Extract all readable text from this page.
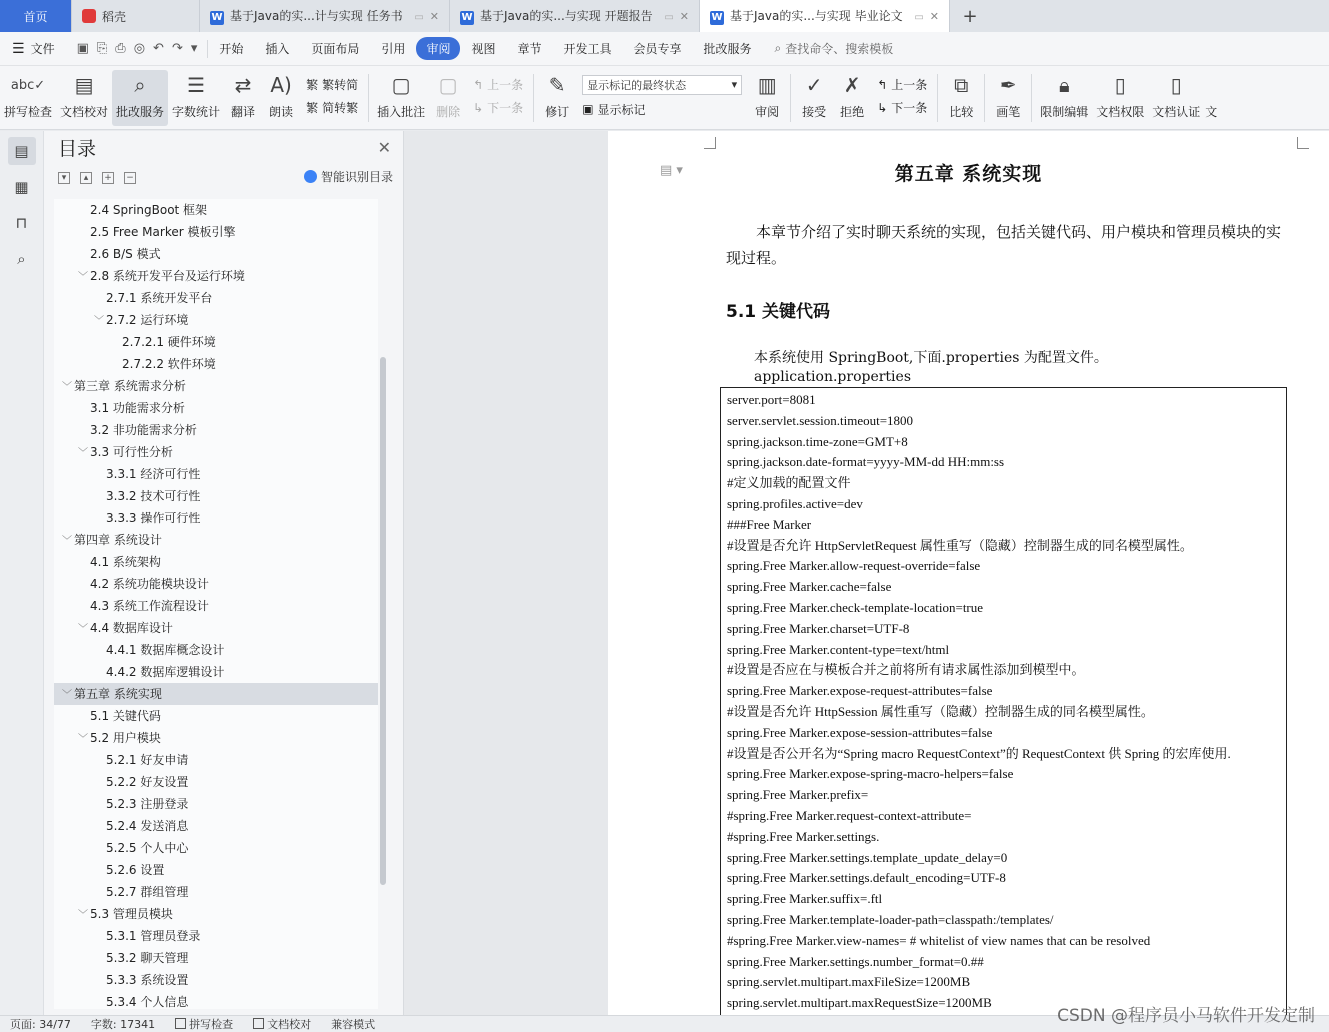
首页	稻壳	W 基于Java的实...计与实现 任务书	▭ ✕ W 基于Java的实...与实现 开题报告	▭ ✕ W 基于Java的实...与实现 毕业论文	▭ ✕	+
☰ 文件 ▣ ⎘ ⎙ ◎ ↶ ↷ ▾	开始	插入	页面布局	引用	审阅	视图	章节	开发工具	会员专享	批改服务	⌕ 查找命令、搜索模板
abc✓
拼写检查
▤
文档校对
⌕
批改服务
☰
字数统计
⇄
翻译
A)
朗读
繁 繁转简
繁 简转繁
▢
插入批注
▢
删除
↰ 上一条
↳ 下一条
✎
修订
显示标记的最终状态	▾
▣ 显示标记
▥
审阅
✓
接受
✗
拒绝
↰ 上一条
↳ 下一条
⧉
比较
✒
画笔
🔒︎
限制编辑
▯
文档权限
▯
文档认证 文
▤
▦
⊓
⌕
目录	✕
▾ ▴ + −	智能识别目录
2.4 SpringBoot 框架
2.5 Free Marker 模板引擎
2.6 B/S 模式
﹀ 2.8 系统开发平台及运行环境
2.7.1 系统开发平台
﹀ 2.7.2 运行环境
2.7.2.1 硬件环境
2.7.2.2 软件环境
﹀ 第三章 系统需求分析
3.1 功能需求分析
3.2 非功能需求分析
﹀ 3.3 可行性分析
3.3.1 经济可行性
3.3.2 技术可行性
3.3.3 操作可行性
﹀ 第四章 系统设计
4.1 系统架构
4.2 系统功能模块设计
4.3 系统工作流程设计
﹀ 4.4 数据库设计
4.4.1 数据库概念设计
4.4.2 数据库逻辑设计
﹀ 第五章 系统实现
5.1 关键代码
﹀ 5.2 用户模块
5.2.1 好友申请
5.2.2 好友设置
5.2.3 注册登录
5.2.4 发送消息
5.2.5 个人中心
5.2.6 设置
5.2.7 群组管理
﹀ 5.3 管理员模块
5.3.1 管理员登录
5.3.2 聊天管理
5.3.3 系统设置
5.3.4 个人信息
▤ ▾	第五章 系统实现
本章节介绍了实时聊天系统的实现，包括关键代码、用户模块和管理员模块的实现过程。
5.1 关键代码
本系统使用 SpringBoot,下面.properties 为配置文件。
application.properties
server.port=8081
server.servlet.session.timeout=1800
spring.jackson.time-zone=GMT+8
spring.jackson.date-format=yyyy-MM-dd HH:mm:ss
#定义加载的配置文件
spring.profiles.active=dev
###Free Marker
#设置是否允许 HttpServletRequest 属性重写（隐藏）控制器生成的同名模型属性。
spring.Free Marker.allow-request-override=false
spring.Free Marker.cache=false
spring.Free Marker.check-template-location=true
spring.Free Marker.charset=UTF-8
spring.Free Marker.content-type=text/html
#设置是否应在与模板合并之前将所有请求属性添加到模型中。
spring.Free Marker.expose-request-attributes=false
#设置是否允许 HttpSession 属性重写（隐藏）控制器生成的同名模型属性。
spring.Free Marker.expose-session-attributes=false
#设置是否公开名为“Spring macro RequestContext”的 RequestContext 供 Spring 的宏库使用.
spring.Free Marker.expose-spring-macro-helpers=false
spring.Free Marker.prefix=
#spring.Free Marker.request-context-attribute=
#spring.Free Marker.settings.
spring.Free Marker.settings.template_update_delay=0
spring.Free Marker.settings.default_encoding=UTF-8
spring.Free Marker.suffix=.ftl
spring.Free Marker.template-loader-path=classpath:/templates/
#spring.Free Marker.view-names= # whitelist of view names that can be resolved
spring.Free Marker.settings.number_format=0.##
spring.servlet.multipart.maxFileSize=1200MB
spring.servlet.multipart.maxRequestSize=1200MB
页面: 34/77	字数: 17341	拼写检查	文档校对	兼容模式	CSDN @程序员小马软件开发定制
